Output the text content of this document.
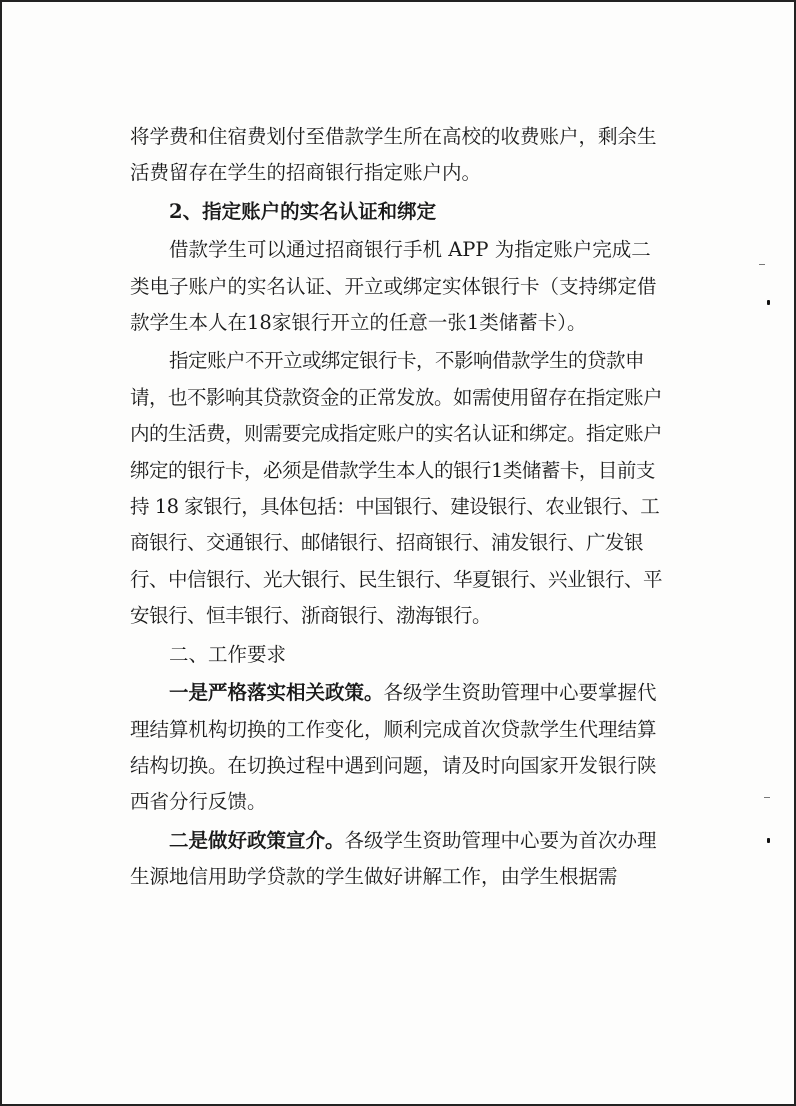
将学费和住宿费划付至借款学生所在高校的收费账户，剩余生活费留存在学生的招商银行指定账户内。

2、指定账户的实名认证和绑定

借款学生可以通过招商银行手机 APP 为指定账户完成二类电子账户的实名认证、开立或绑定实体银行卡（支持绑定借款学生本人在18家银行开立的任意一张1类储蓄卡）。

指定账户不开立或绑定银行卡，不影响借款学生的贷款申请，也不影响其贷款资金的正常发放。如需使用留存在指定账户内的生活费，则需要完成指定账户的实名认证和绑定。指定账户绑定的银行卡，必须是借款学生本人的银行1类储蓄卡，目前支持 18 家银行，具体包括：中国银行、建设银行、农业银行、工商银行、交通银行、邮储银行、招商银行、浦发银行、广发银行、中信银行、光大银行、民生银行、华夏银行、兴业银行、平安银行、恒丰银行、浙商银行、渤海银行。

二、工作要求

一是严格落实相关政策。各级学生资助管理中心要掌握代理结算机构切换的工作变化，顺利完成首次贷款学生代理结算结构切换。在切换过程中遇到问题，请及时向国家开发银行陕西省分行反馈。

二是做好政策宣介。各级学生资助管理中心要为首次办理生源地信用助学贷款的学生做好讲解工作，由学生根据需
